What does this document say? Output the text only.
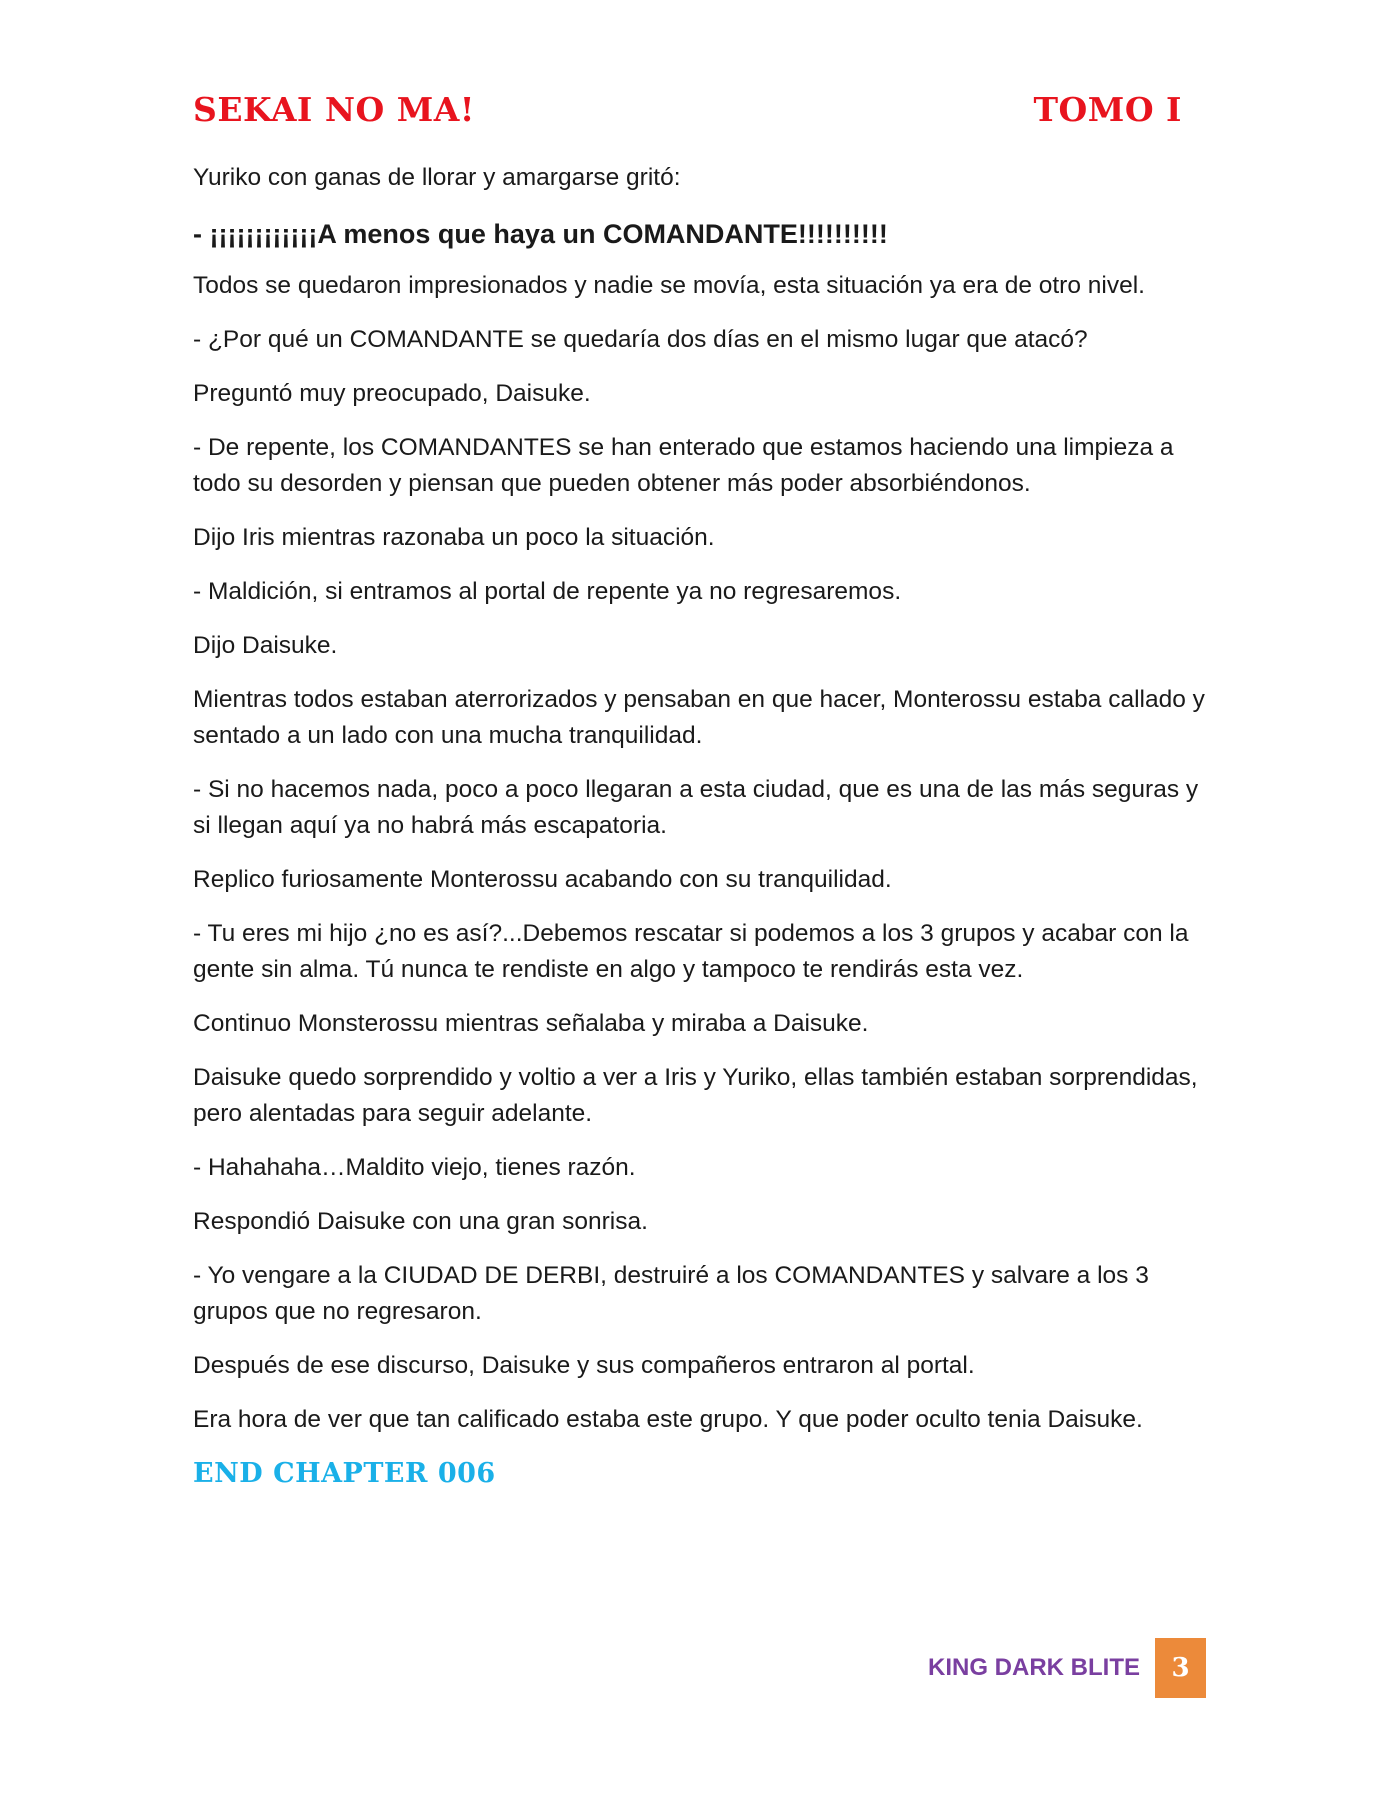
SEKAI NO MA!	TOMO I

Yuriko con ganas de llorar y amargarse gritó:

- ¡¡¡¡¡¡¡¡¡¡¡¡A menos que haya un COMANDANTE!!!!!!!!!!

Todos se quedaron impresionados y nadie se movía, esta situación ya era de otro nivel.

- ¿Por qué un COMANDANTE se quedaría dos días en el mismo lugar que atacó?

Preguntó muy preocupado, Daisuke.

- De repente, los COMANDANTES se han enterado que estamos haciendo una limpieza a todo su desorden y piensan que pueden obtener más poder absorbiéndonos.

Dijo Iris mientras razonaba un poco la situación.

- Maldición, si entramos al portal de repente ya no regresaremos.

Dijo Daisuke.

Mientras todos estaban aterrorizados y pensaban en que hacer, Monterossu estaba callado y sentado a un lado con una mucha tranquilidad.

- Si no hacemos nada, poco a poco llegaran a esta ciudad, que es una de las más seguras y si llegan aquí ya no habrá más escapatoria.

Replico furiosamente Monterossu acabando con su tranquilidad.

- Tu eres mi hijo ¿no es así?...Debemos rescatar si podemos a los 3 grupos y acabar con la gente sin alma. Tú nunca te rendiste en algo y tampoco te rendirás esta vez.

Continuo Monsterossu mientras señalaba y miraba a Daisuke.

Daisuke quedo sorprendido y voltio a ver a Iris y Yuriko, ellas también estaban sorprendidas, pero alentadas para seguir adelante.

- Hahahaha…Maldito viejo, tienes razón.

Respondió Daisuke con una gran sonrisa.

- Yo vengare a la CIUDAD DE DERBI, destruiré a los COMANDANTES y salvare a los 3 grupos que no regresaron.

Después de ese discurso, Daisuke y sus compañeros entraron al portal.

Era hora de ver que tan calificado estaba este grupo. Y que poder oculto tenia Daisuke.

END CHAPTER 006
KING DARK BLITE	3
